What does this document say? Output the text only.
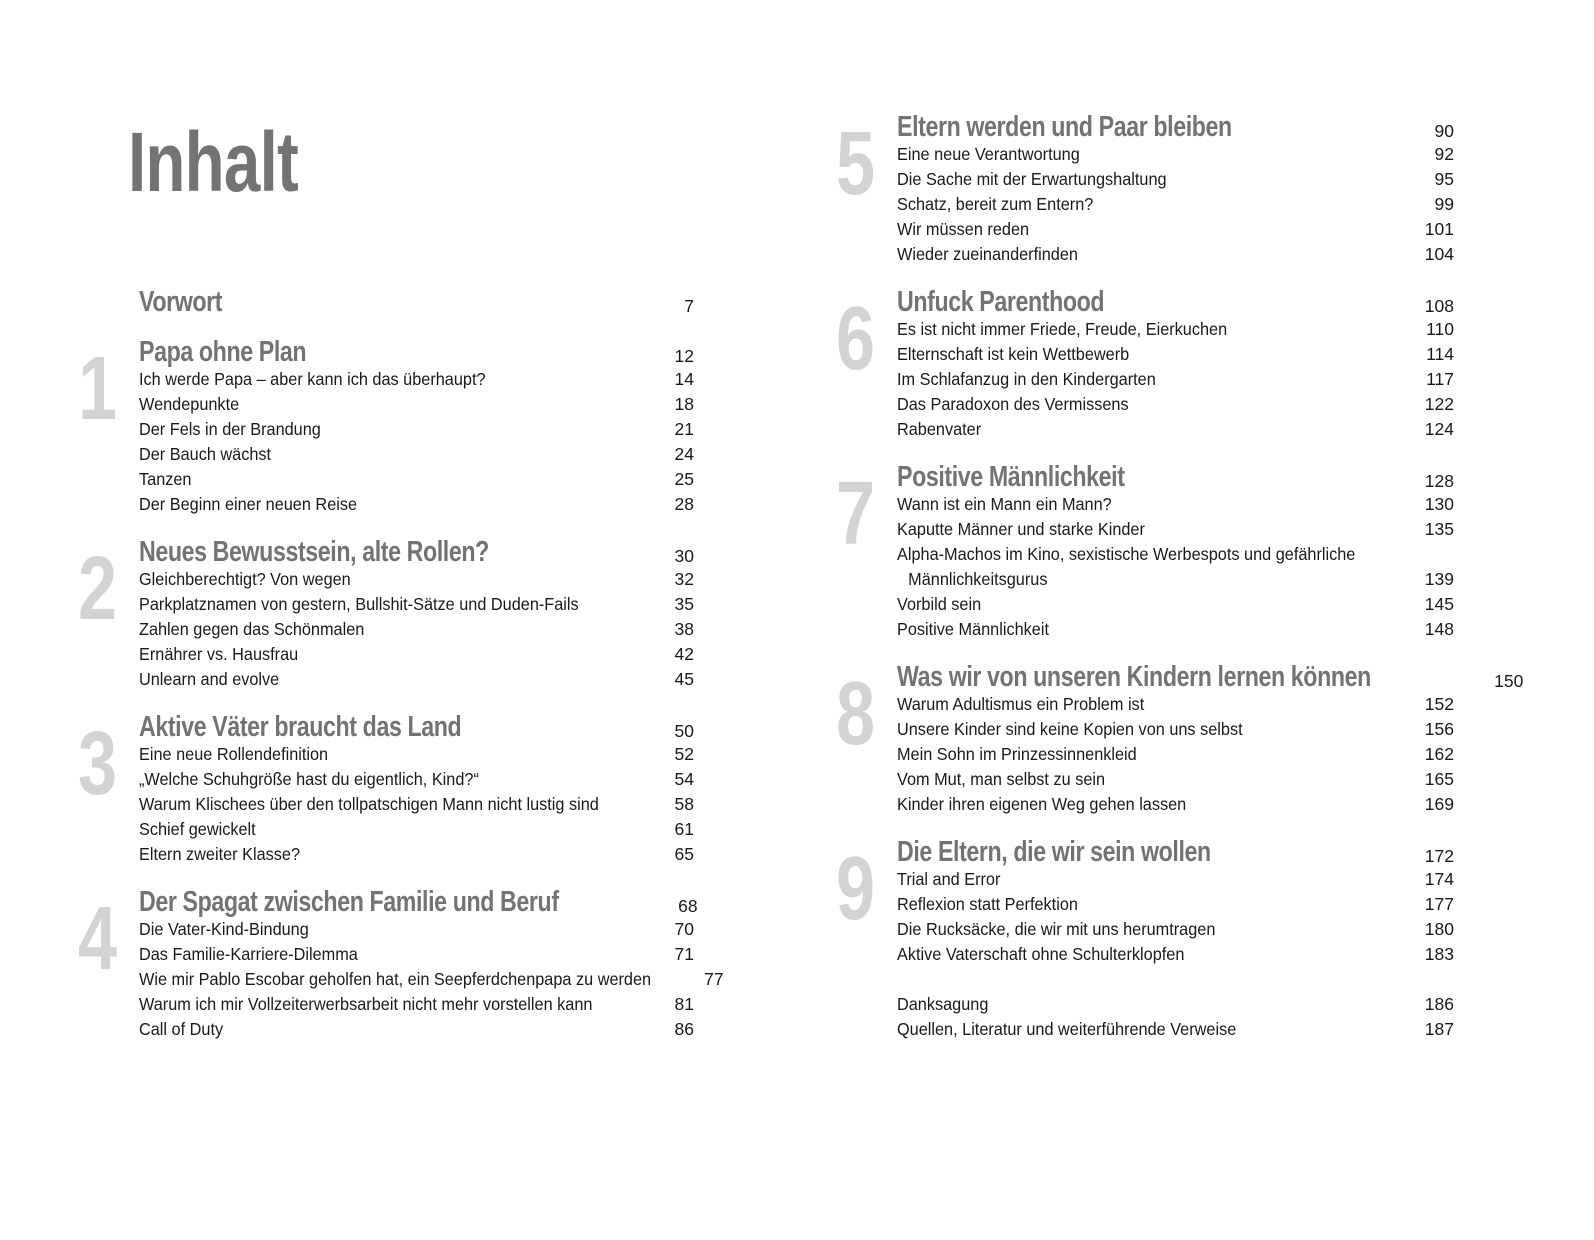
Inhalt
Vorwort	7
1 Papa ohne Plan	12
Ich werde Papa – aber kann ich das überhaupt?	14
Wendepunkte	18
Der Fels in der Brandung	21
Der Bauch wächst	24
Tanzen	25
Der Beginn einer neuen Reise	28
2 Neues Bewusstsein, alte Rollen?	30
Gleichberechtigt? Von wegen	32
Parkplatznamen von gestern, Bullshit-Sätze und Duden-Fails	35
Zahlen gegen das Schönmalen	38
Ernährer vs. Hausfrau	42
Unlearn and evolve	45
3 Aktive Väter braucht das Land	50
Eine neue Rollendefinition	52
„Welche Schuhgröße hast du eigentlich, Kind?“	54
Warum Klischees über den tollpatschigen Mann nicht lustig sind	58
Schief gewickelt	61
Eltern zweiter Klasse?	65
4 Der Spagat zwischen Familie und Beruf	68
Die Vater-Kind-Bindung	70
Das Familie-Karriere-Dilemma	71
Wie mir Pablo Escobar geholfen hat, ein Seepferdchenpapa zu werden	77
Warum ich mir Vollzeiterwerbsarbeit nicht mehr vorstellen kann	81
Call of Duty	86
5 Eltern werden und Paar bleiben	90
Eine neue Verantwortung	92
Die Sache mit der Erwartungshaltung	95
Schatz, bereit zum Entern?	99
Wir müssen reden	101
Wieder zueinanderfinden	104
6 Unfuck Parenthood	108
Es ist nicht immer Friede, Freude, Eierkuchen	110
Elternschaft ist kein Wettbewerb	114
Im Schlafanzug in den Kindergarten	117
Das Paradoxon des Vermissens	122
Rabenvater	124
7 Positive Männlichkeit	128
Wann ist ein Mann ein Mann?	130
Kaputte Männer und starke Kinder	135
Alpha-Machos im Kino, sexistische Werbespots und gefährliche
Männlichkeitsgurus	139
Vorbild sein	145
Positive Männlichkeit	148
8 Was wir von unseren Kindern lernen können	150
Warum Adultismus ein Problem ist	152
Unsere Kinder sind keine Kopien von uns selbst	156
Mein Sohn im Prinzessinnenkleid	162
Vom Mut, man selbst zu sein	165
Kinder ihren eigenen Weg gehen lassen	169
9 Die Eltern, die wir sein wollen	172
Trial and Error	174
Reflexion statt Perfektion	177
Die Rucksäcke, die wir mit uns herumtragen	180
Aktive Vaterschaft ohne Schulterklopfen	183
Danksagung	186
Quellen, Literatur und weiterführende Verweise	187
